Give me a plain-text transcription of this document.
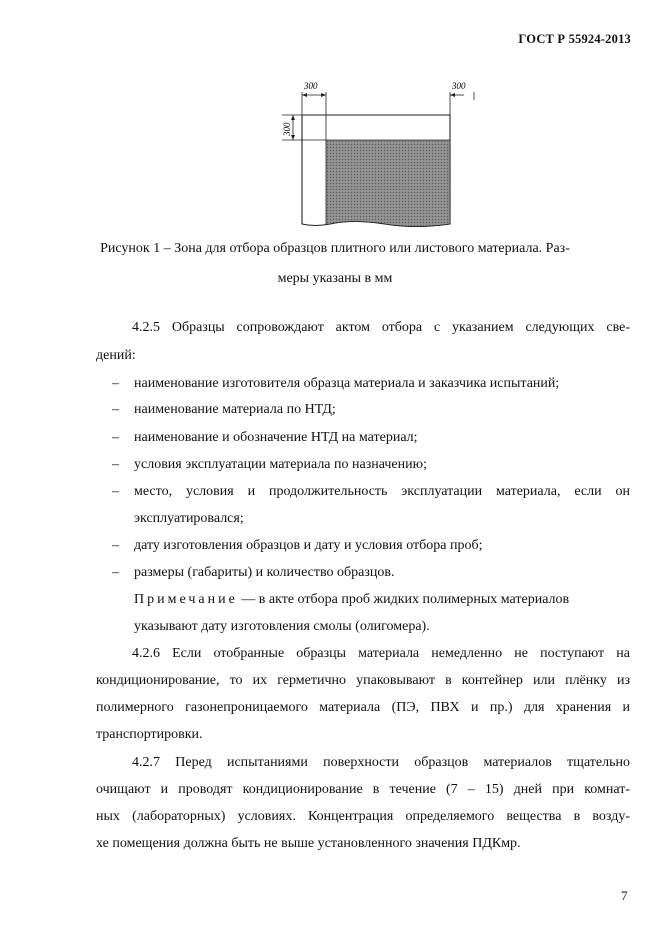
ГОСТ Р 55924-2013
300	300
300
Рисунок 1 – Зона для отбора образцов плитного или листового материала. Раз-
меры указаны в мм
4.2.5 Образцы сопровождают актом отбора с указанием следующих све-
дений:
– наименование изготовителя образца материала и заказчика испытаний;
– наименование материала по НТД;
– наименование и обозначение НТД на материал;
– условия эксплуатации материала по назначению;
– место, условия и продолжительность эксплуатации материала, если он
эксплуатировался;
– дату изготовления образцов и дату и условия отбора проб;
– размеры (габариты) и количество образцов.
Примечание — в акте отбора проб жидких полимерных материалов
указывают дату изготовления смолы (олигомера).
4.2.6 Если отобранные образцы материала немедленно не поступают на
кондиционирование, то их герметично упаковывают в контейнер или плёнку из
полимерного газонепроницаемого материала (ПЭ, ПВХ и пр.) для хранения и
транспортировки.
4.2.7 Перед испытаниями поверхности образцов материалов тщательно
очищают и проводят кондиционирование в течение (7 – 15) дней при комнат-
ных (лабораторных) условиях. Концентрация определяемого вещества в возду-
хе помещения должна быть не выше установленного значения ПДКмр.
7
